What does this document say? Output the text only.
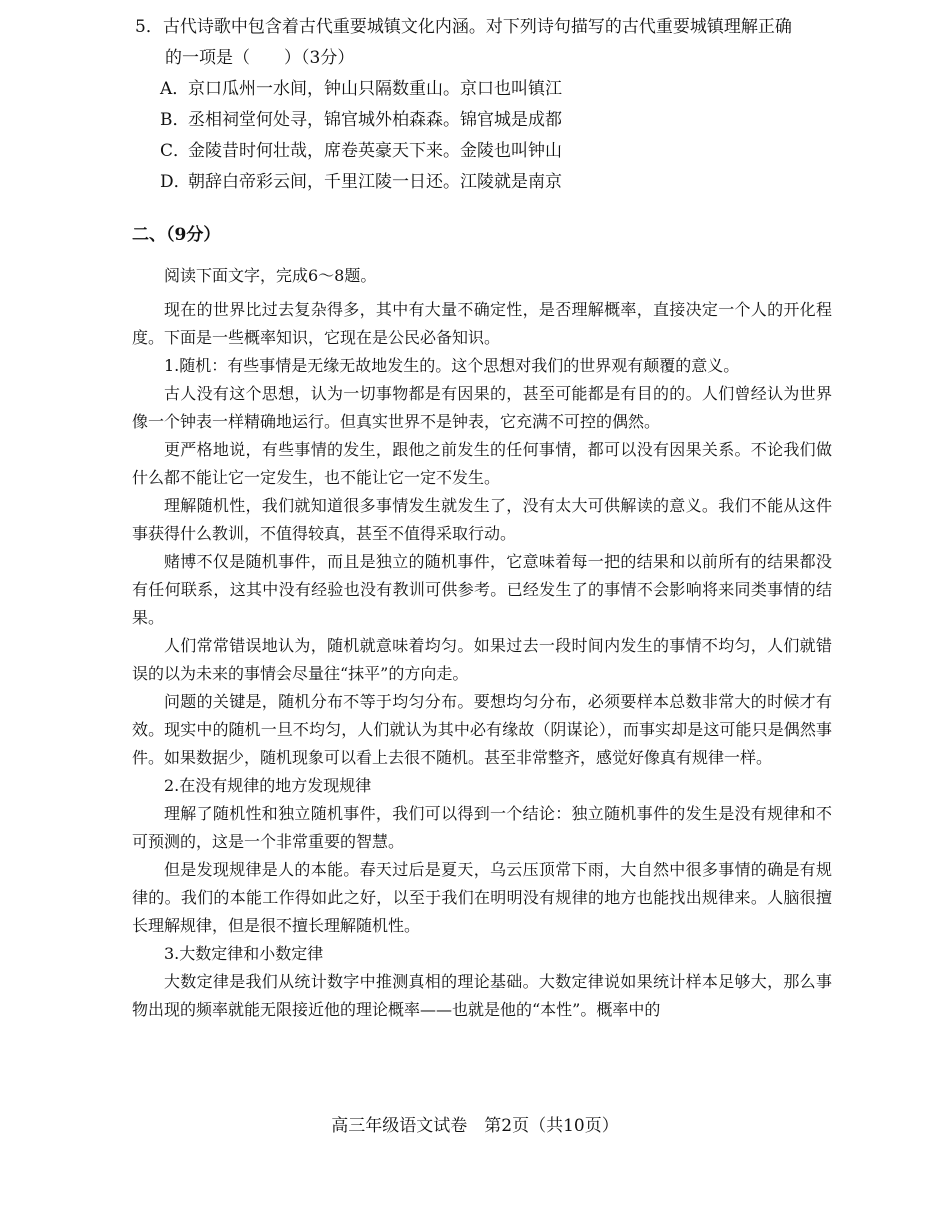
5．古代诗歌中包含着古代重要城镇文化内涵。对下列诗句描写的古代重要城镇理解正确
的一项是（　　）（3分）
A．京口瓜州一水间，钟山只隔数重山。京口也叫镇江
B．丞相祠堂何处寻，锦官城外柏森森。锦官城是成都
C．金陵昔时何壮哉，席卷英豪天下来。金陵也叫钟山
D．朝辞白帝彩云间，千里江陵一日还。江陵就是南京
二、（9分）

阅读下面文字，完成6～8题。

现在的世界比过去复杂得多，其中有大量不确定性，是否理解概率，直接决定一个人的开化程度。下面是一些概率知识，它现在是公民必备知识。

1.随机：有些事情是无缘无故地发生的。这个思想对我们的世界观有颠覆的意义。

古人没有这个思想，认为一切事物都是有因果的，甚至可能都是有目的的。人们曾经认为世界像一个钟表一样精确地运行。但真实世界不是钟表，它充满不可控的偶然。

更严格地说，有些事情的发生，跟他之前发生的任何事情，都可以没有因果关系。不论我们做什么都不能让它一定发生，也不能让它一定不发生。

理解随机性，我们就知道很多事情发生就发生了，没有太大可供解读的意义。我们不能从这件事获得什么教训，不值得较真，甚至不值得采取行动。

赌博不仅是随机事件，而且是独立的随机事件，它意味着每一把的结果和以前所有的结果都没有任何联系，这其中没有经验也没有教训可供参考。已经发生了的事情不会影响将来同类事情的结果。

人们常常错误地认为，随机就意味着均匀。如果过去一段时间内发生的事情不均匀，人们就错误的以为未来的事情会尽量往“抹平”的方向走。

问题的关键是，随机分布不等于均匀分布。要想均匀分布，必须要样本总数非常大的时候才有效。现实中的随机一旦不均匀，人们就认为其中必有缘故（阴谋论），而事实却是这可能只是偶然事件。如果数据少，随机现象可以看上去很不随机。甚至非常整齐，感觉好像真有规律一样。

2.在没有规律的地方发现规律

理解了随机性和独立随机事件，我们可以得到一个结论：独立随机事件的发生是没有规律和不可预测的，这是一个非常重要的智慧。

但是发现规律是人的本能。春天过后是夏天，乌云压顶常下雨，大自然中很多事情的确是有规律的。我们的本能工作得如此之好，以至于我们在明明没有规律的地方也能找出规律来。人脑很擅长理解规律，但是很不擅长理解随机性。

3.大数定律和小数定律

大数定律是我们从统计数字中推测真相的理论基础。大数定律说如果统计样本足够大，那么事物出现的频率就能无限接近他的理论概率——也就是他的“本性”。概率中的

高三年级语文试卷　第2页（共10页）
